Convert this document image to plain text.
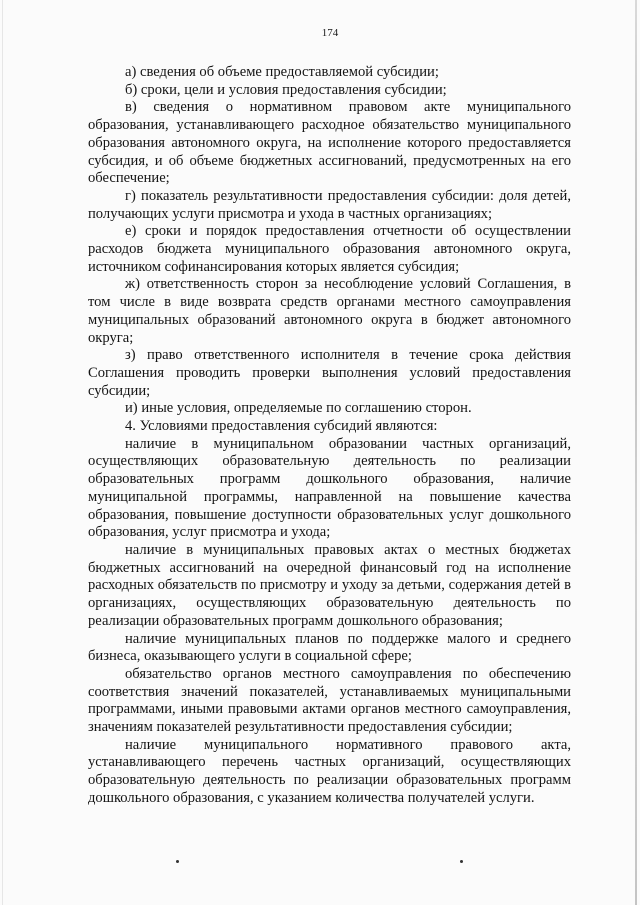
174

а) сведения об объеме предоставляемой субсидии;

б) сроки, цели и условия предоставления субсидии;

в) сведения о нормативном правовом акте муниципального образования, устанавливающего расходное обязательство муниципального образования автономного округа, на исполнение которого предоставляется субсидия, и об объеме бюджетных ассигнований, предусмотренных на его обеспечение;

г) показатель результативности предоставления субсидии: доля детей, получающих услуги присмотра и ухода в частных организациях;

е) сроки и порядок предоставления отчетности об осуществлении расходов бюджета муниципального образования автономного округа, источником софинансирования которых является субсидия;

ж) ответственность сторон за несоблюдение условий Соглашения, в том числе в виде возврата средств органами местного самоуправления муниципальных образований автономного округа в бюджет автономного округа;

з) право ответственного исполнителя в течение срока действия Соглашения проводить проверки выполнения условий предоставления субсидии;

и) иные условия, определяемые по соглашению сторон.

4. Условиями предоставления субсидий являются:

наличие в муниципальном образовании частных организаций, осуществляющих образовательную деятельность по реализации образовательных программ дошкольного образования, наличие муниципальной программы, направленной на повышение качества образования, повышение доступности образовательных услуг дошкольного образования, услуг присмотра и ухода;

наличие в муниципальных правовых актах о местных бюджетах бюджетных ассигнований на очередной финансовый год на исполнение расходных обязательств по присмотру и уходу за детьми, содержания детей в организациях, осуществляющих образовательную деятельность по реализации образовательных программ дошкольного образования;

наличие муниципальных планов по поддержке малого и среднего бизнеса, оказывающего услуги в социальной сфере;

обязательство органов местного самоуправления по обеспечению соответствия значений показателей, устанавливаемых муниципальными программами, иными правовыми актами органов местного самоуправления, значениям показателей результативности предоставления субсидии;

наличие муниципального нормативного правового акта, устанавливающего перечень частных организаций, осуществляющих образовательную деятельность по реализации образовательных программ дошкольного образования, с указанием количества получателей услуги.
